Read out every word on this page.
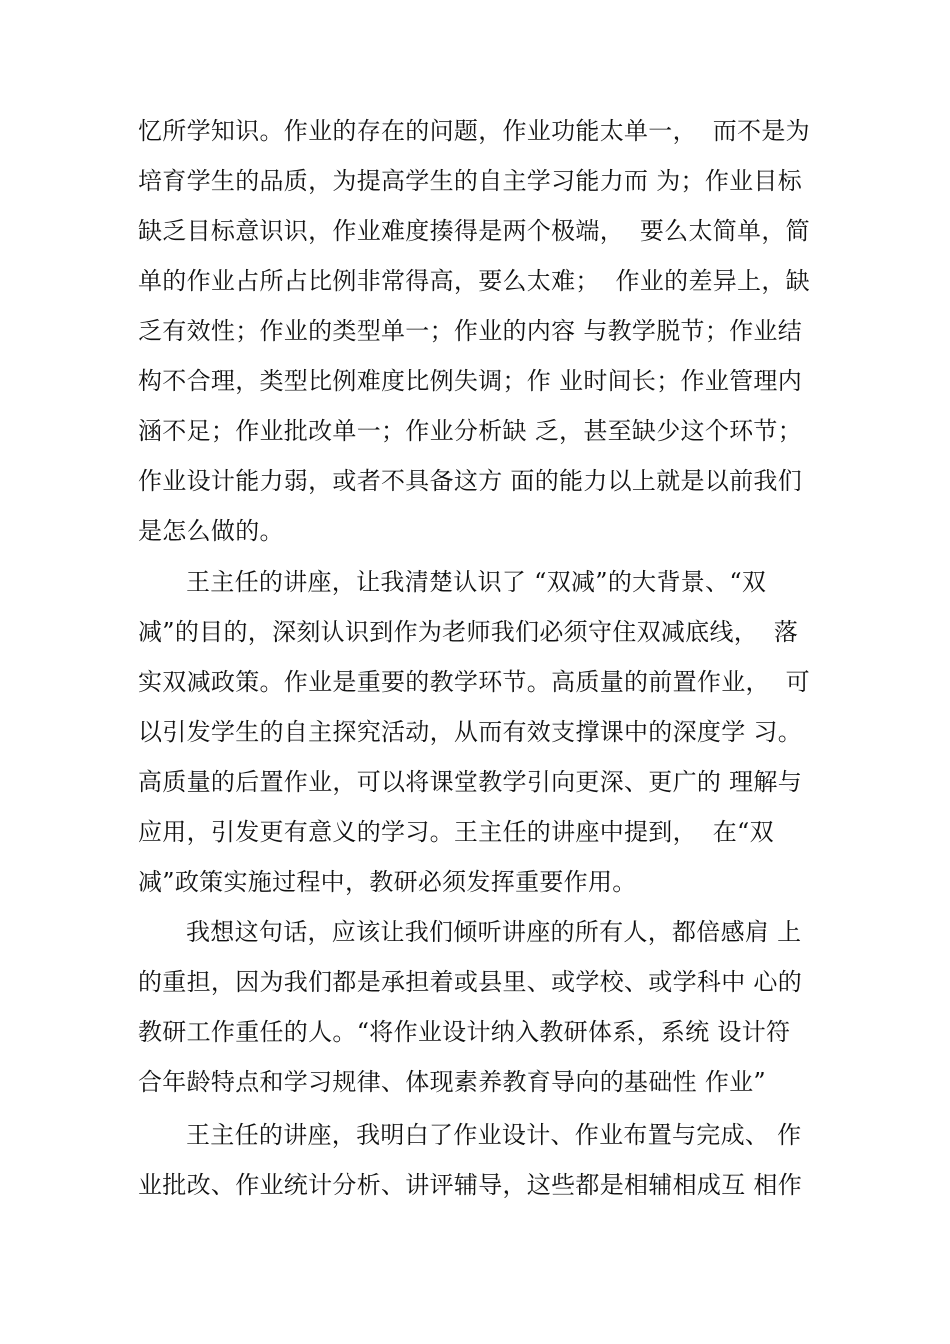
忆所学知识。作业的存在的问题，作业功能太单一，  而不是为
培育学生的品质，为提高学生的自主学习能力而 为；作业目标
缺乏目标意识识，作业难度揍得是两个极端，  要么太简单，简
单的作业占所占比例非常得高，要么太难；  作业的差异上，缺
乏有效性；作业的类型单一；作业的内容 与教学脱节；作业结
构不合理，类型比例难度比例失调；作 业时间长；作业管理内
涵不足；作业批改单一；作业分析缺 乏，甚至缺少这个环节；
作业设计能力弱，或者不具备这方 面的能力以上就是以前我们
是怎么做的。
王主任的讲座，让我清楚认识了 “双减”的大背景、“双
减”的目的，深刻认识到作为老师我们必须守住双减底线，  落
实双减政策。作业是重要的教学环节。高质量的前置作业，  可
以引发学生的自主探究活动，从而有效支撑课中的深度学 习。
高质量的后置作业，可以将课堂教学引向更深、更广的 理解与
应用，引发更有意义的学习。王主任的讲座中提到，  在“双
减”政策实施过程中，教研必须发挥重要作用。
我想这句话，应该让我们倾听讲座的所有人，都倍感肩 上
的重担，因为我们都是承担着或县里、或学校、或学科中 心的
教研工作重任的人。“将作业设计纳入教研体系，系统 设计符
合年龄特点和学习规律、体现素养教育导向的基础性 作业”
王主任的讲座，我明白了作业设计、作业布置与完成、 作
业批改、作业统计分析、讲评辅导，这些都是相辅相成互 相作
